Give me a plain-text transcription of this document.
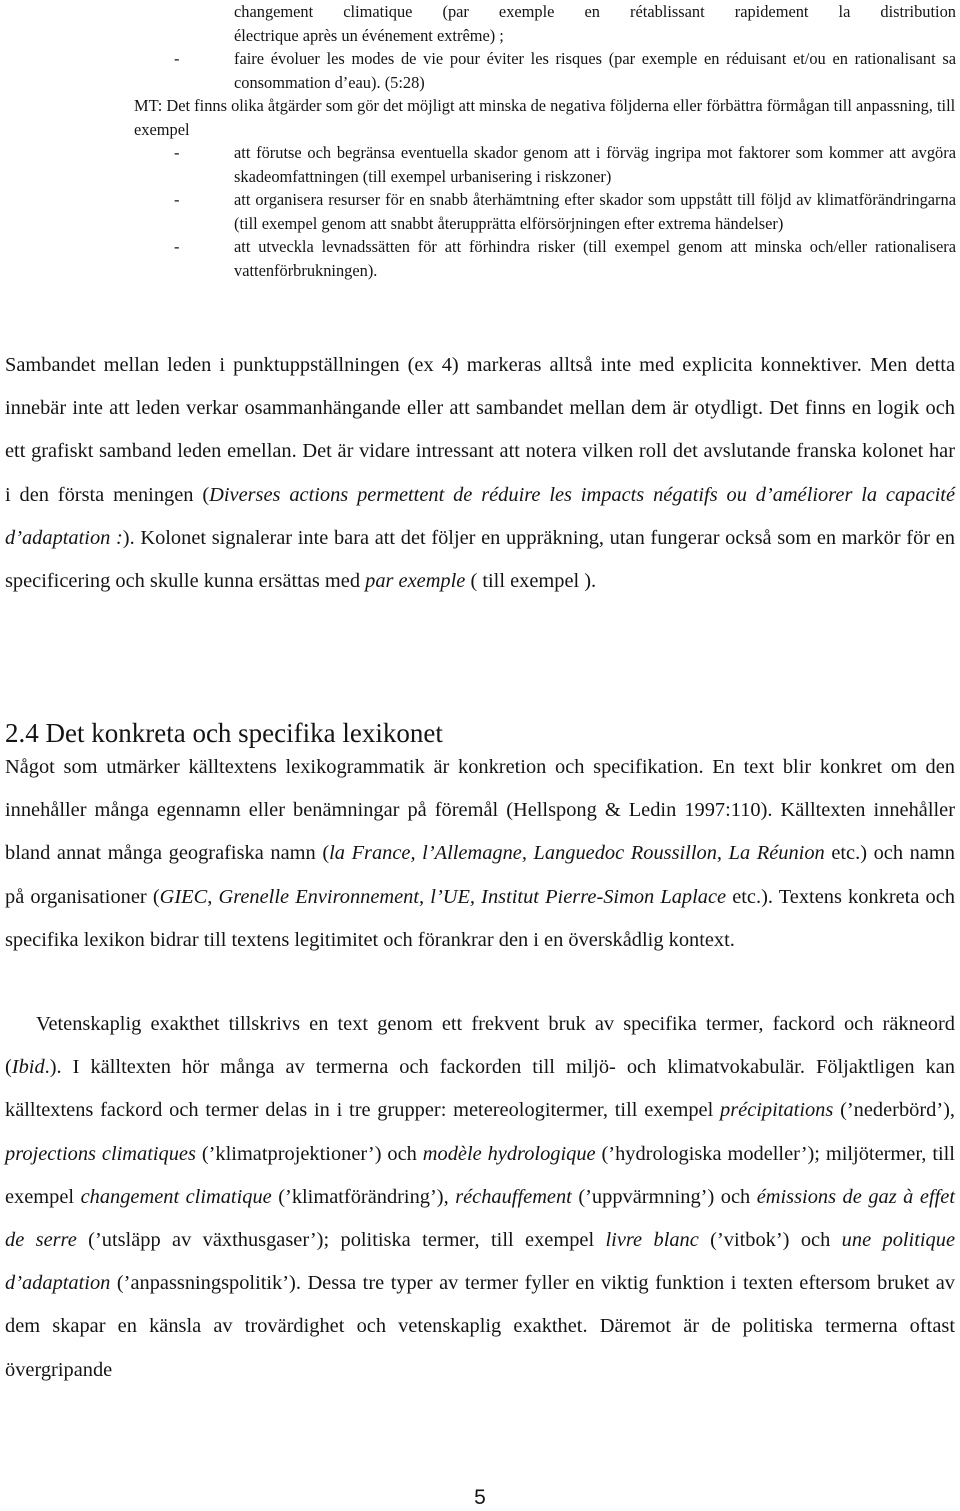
changement climatique (par exemple en rétablissant rapidement la distribution
électrique après un événement extrême) ;
-	faire évoluer les modes de vie pour éviter les risques (par exemple en réduisant et/ou en rationalisant sa consommation d’eau). (5:28)
MT: Det finns olika åtgärder som gör det möjligt att minska de negativa följderna eller förbättra förmågan till anpassning, till exempel
-	att förutse och begränsa eventuella skador genom att i förväg ingripa mot faktorer som kommer att avgöra skadeomfattningen (till exempel urbanisering i riskzoner)
-	att organisera resurser för en snabb återhämtning efter skador som uppstått till följd av klimatförändringarna (till exempel genom att snabbt återupprätta elförsörjningen efter extrema händelser)
-	att utveckla levnadssätten för att förhindra risker (till exempel genom att minska och/eller rationalisera vattenförbrukningen).

Sambandet mellan leden i punktuppställningen (ex 4) markeras alltså inte med explicita konnektiver. Men detta innebär inte att leden verkar osammanhängande eller att sambandet mellan dem är otydligt. Det finns en logik och ett grafiskt samband leden emellan. Det är vidare intressant att notera vilken roll det avslutande franska kolonet har i den första meningen (Diverses actions permettent de réduire les impacts négatifs ou d’améliorer la capacité d’adaptation :). Kolonet signalerar inte bara att det följer en uppräkning, utan fungerar också som en markör för en specificering och skulle kunna ersättas med par exemple ( till exempel ).

2.4 Det konkreta och specifika lexikonet

Något som utmärker källtextens lexikogrammatik är konkretion och specifikation. En text blir konkret om den innehåller många egennamn eller benämningar på föremål (Hellspong & Ledin 1997:110). Källtexten innehåller bland annat många geografiska namn (la France, l’Allemagne, Languedoc Roussillon, La Réunion etc.) och namn på organisationer (GIEC, Grenelle Environnement, l’UE, Institut Pierre-Simon Laplace etc.). Textens konkreta och specifika lexikon bidrar till textens legitimitet och förankrar den i en överskådlig kontext.

Vetenskaplig exakthet tillskrivs en text genom ett frekvent bruk av specifika termer, fackord och räkneord (Ibid.). I källtexten hör många av termerna och fackorden till miljö- och klimatvokabulär. Följaktligen kan källtextens fackord och termer delas in i tre grupper: metereologitermer, till exempel précipitations (’nederbörd’), projections climatiques (’klimatprojektioner’) och modèle hydrologique (’hydrologiska modeller’); miljötermer, till exempel changement climatique (’klimatförändring’), réchauffement (’uppvärmning’) och émissions de gaz à effet de serre (’utsläpp av växthusgaser’); politiska termer, till exempel livre blanc (’vitbok’) och une politique d’adaptation (’anpassningspolitik’). Dessa tre typer av termer fyller en viktig funktion i texten eftersom bruket av dem skapar en känsla av trovärdighet och vetenskaplig exakthet. Däremot är de politiska termerna oftast övergripande

5
